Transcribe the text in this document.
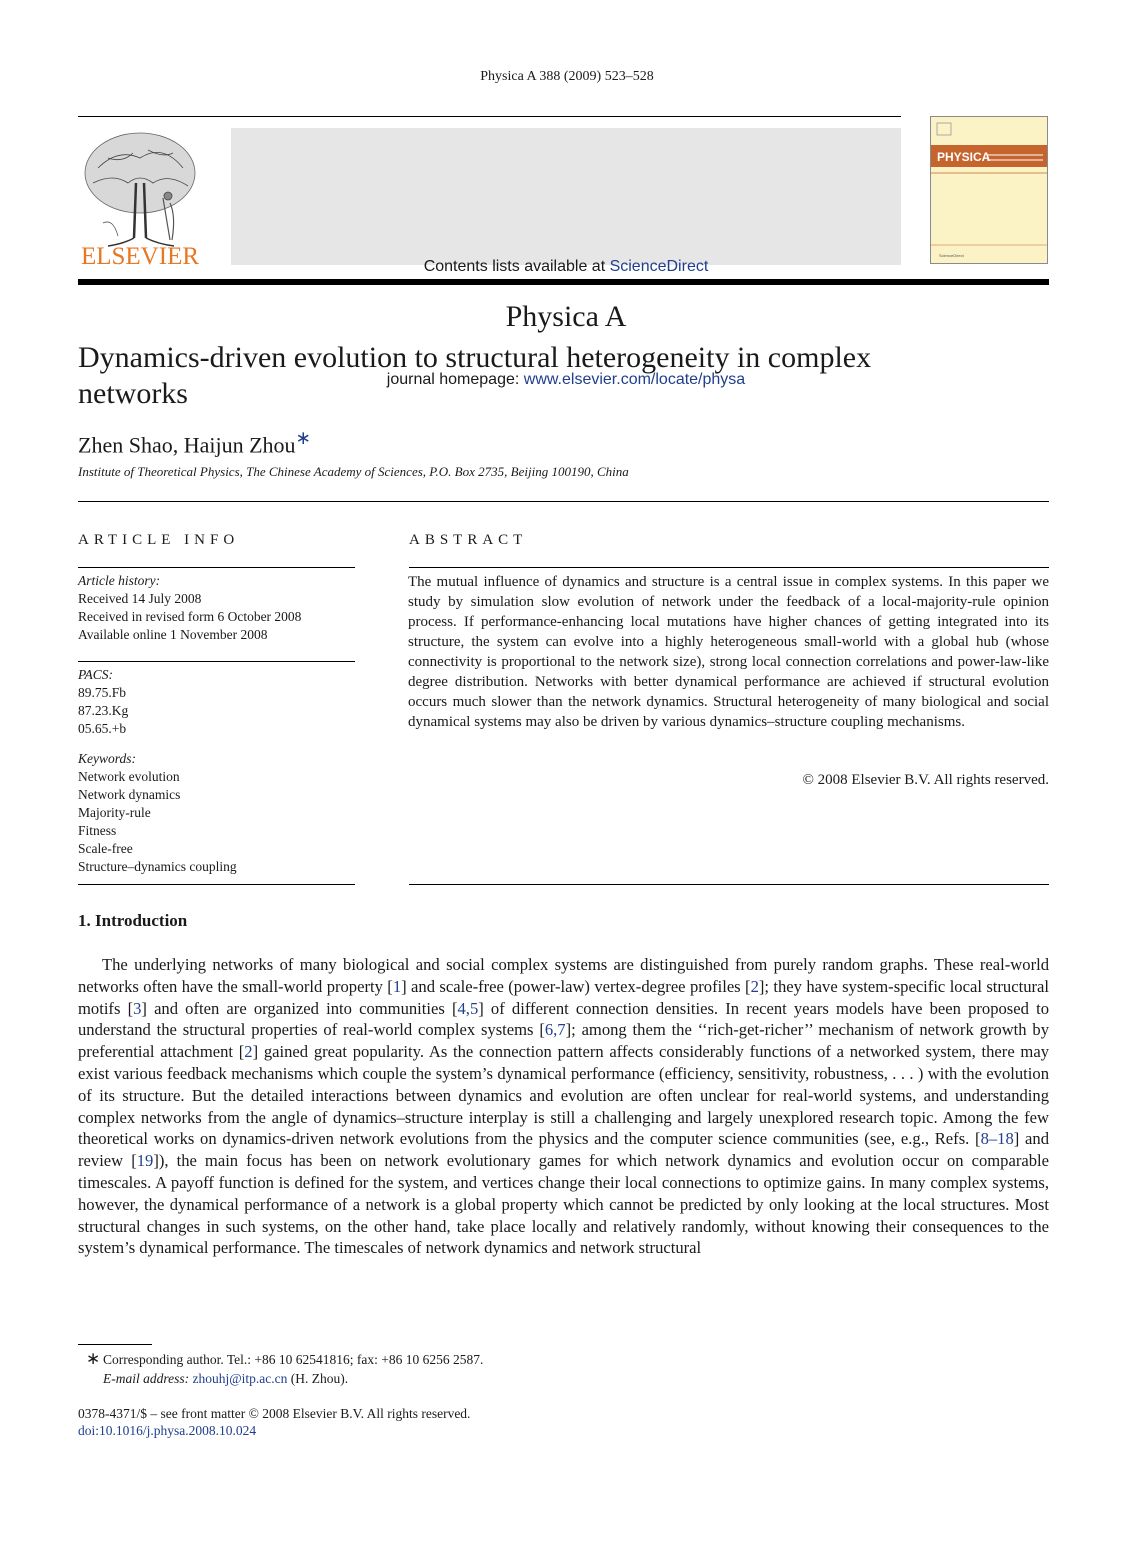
Physica A 388 (2009) 523–528
ELSEVIER	Contents lists available at ScienceDirect
Physica A
journal homepage: www.elsevier.com/locate/physa
PHYSICA
ScienceDirect
Dynamics-driven evolution to structural heterogeneity in complex networks
Zhen Shao, Haijun Zhou∗
Institute of Theoretical Physics, The Chinese Academy of Sciences, P.O. Box 2735, Beijing 100190, China
ARTICLE INFO
Article history:
Received 14 July 2008
Received in revised form 6 October 2008
Available online 1 November 2008
PACS:
89.75.Fb
87.23.Kg
05.65.+b
Keywords:
Network evolution
Network dynamics
Majority-rule
Fitness
Scale-free
Structure–dynamics coupling
ABSTRACT
The mutual influence of dynamics and structure is a central issue in complex systems. In this paper we study by simulation slow evolution of network under the feedback of a local-majority-rule opinion process. If performance-enhancing local mutations have higher chances of getting integrated into its structure, the system can evolve into a highly heterogeneous small-world with a global hub (whose connectivity is proportional to the network size), strong local connection correlations and power-law-like degree distribution. Networks with better dynamical performance are achieved if structural evolution occurs much slower than the network dynamics. Structural heterogeneity of many biological and social dynamical systems may also be driven by various dynamics–structure coupling mechanisms.
© 2008 Elsevier B.V. All rights reserved.
1. Introduction
The underlying networks of many biological and social complex systems are distinguished from purely random graphs. These real-world networks often have the small-world property [1] and scale-free (power-law) vertex-degree profiles [2]; they have system-specific local structural motifs [3] and often are organized into communities [4,5] of different connection densities. In recent years models have been proposed to understand the structural properties of real-world complex systems [6,7]; among them the ‘‘rich-get-richer’’ mechanism of network growth by preferential attachment [2] gained great popularity. As the connection pattern affects considerably functions of a networked system, there may exist various feedback mechanisms which couple the system’s dynamical performance (efficiency, sensitivity, robustness, . . . ) with the evolution of its structure. But the detailed interactions between dynamics and evolution are often unclear for real-world systems, and understanding complex networks from the angle of dynamics–structure interplay is still a challenging and largely unexplored research topic. Among the few theoretical works on dynamics-driven network evolutions from the physics and the computer science communities (see, e.g., Refs. [8–18] and review [19]), the main focus has been on network evolutionary games for which network dynamics and evolution occur on comparable timescales. A payoff function is defined for the system, and vertices change their local connections to optimize gains. In many complex systems, however, the dynamical performance of a network is a global property which cannot be predicted by only looking at the local structures. Most structural changes in such systems, on the other hand, take place locally and relatively randomly, without knowing their consequences to the system’s dynamical performance. The timescales of network dynamics and network structural
∗ Corresponding author. Tel.: +86 10 62541816; fax: +86 10 6256 2587.
E-mail address: zhouhj@itp.ac.cn (H. Zhou).
0378-4371/$ – see front matter © 2008 Elsevier B.V. All rights reserved.
doi:10.1016/j.physa.2008.10.024
